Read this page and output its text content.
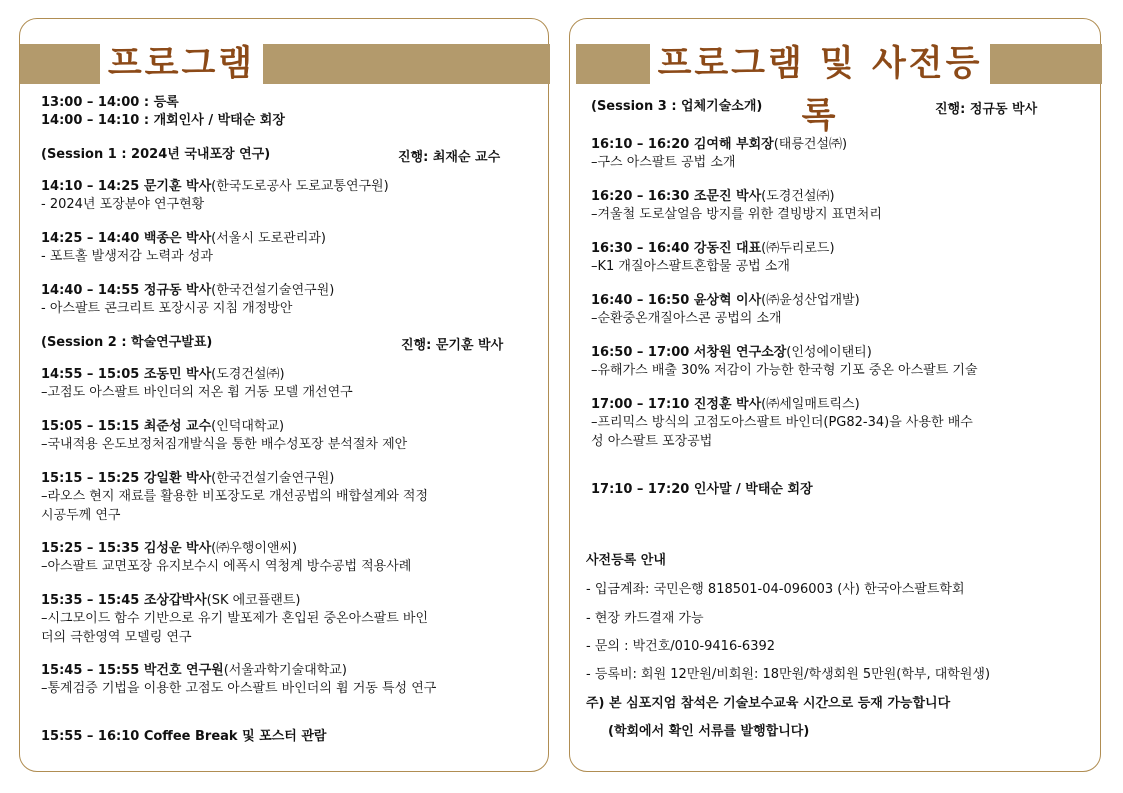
프로그램
13:00 – 14:00 : 등록
14:00 – 14:10 : 개회인사 / 박태순 회장
(Session 1 : 2024년 국내포장 연구)	진행: 최재순 교수
14:10 – 14:25 문기훈 박사(한국도로공사 도로교통연구원)
- 2024년 포장분야 연구현황
14:25 – 14:40 백종은 박사(서울시 도로관리과)
- 포트홀 발생저감 노력과 성과
14:40 – 14:55 정규동 박사(한국건설기술연구원)
- 아스팔트 콘크리트 포장시공 지침 개정방안
(Session 2 : 학술연구발표)	진행: 문기훈 박사
14:55 – 15:05 조동민 박사(도경건설㈜)
–고점도 아스팔트 바인더의 저온 휨 거동 모델 개선연구
15:05 – 15:15 최준성 교수(인덕대학교)
–국내적용 온도보정처짐개발식을 통한 배수성포장 분석절차 제안
15:15 – 15:25 강일환 박사(한국건설기술연구원)
–라오스 현지 재료를 활용한 비포장도로 개선공법의 배합설계와 적정
시공두께 연구
15:25 – 15:35 김성운 박사(㈜우행이앤씨)
–아스팔트 교면포장 유지보수시 에폭시 역청계 방수공법 적용사례
15:35 – 15:45 조상갑박사(SK 에코플랜트)
–시그모이드 함수 기반으로 유기 발포제가 혼입된 중온아스팔트 바인
더의 극한영역 모델링 연구
15:45 – 15:55 박건호 연구원(서울과학기술대학교)
–통계검증 기법을 이용한 고점도 아스팔트 바인더의 휨 거동 특성 연구
15:55 – 16:10 Coffee Break 및 포스터 관람
프로그램 및 사전등록
(Session 3 : 업체기술소개)	진행: 정규동 박사
16:10 – 16:20 김여해 부회장(태릉건설㈜)
–구스 아스팔트 공법 소개
16:20 – 16:30 조문진 박사(도경건설㈜)
–겨울철 도로살얼음 방지를 위한 결빙방지 표면처리
16:30 – 16:40 강동진 대표(㈜두리로드)
–K1 개질아스팔트혼합물 공법 소개
16:40 – 16:50 윤상혁 이사(㈜윤성산업개발)
–순환중온개질아스콘 공법의 소개
16:50 – 17:00 서창원 연구소장(인성에이탠티)
–유해가스 배출 30% 저감이 가능한 한국형 기포 중온 아스팔트 기술
17:00 – 17:10 진정훈 박사(㈜세일매트릭스)
–프리믹스 방식의 고점도아스팔트 바인더(PG82-34)을 사용한 배수
성 아스팔트 포장공법
17:10 – 17:20 인사말 / 박태순 회장
사전등록 안내
- 입금계좌: 국민은행 818501-04-096003 (사) 한국아스팔트학회
- 현장 카드결재 가능
- 문의 : 박건호/010-9416-6392
- 등록비: 회원 12만원/비회원: 18만원/학생회원 5만원(학부, 대학원생)
주) 본 심포지엄 참석은 기술보수교육 시간으로 등재 가능합니다
(학회에서 확인 서류를 발행합니다)
